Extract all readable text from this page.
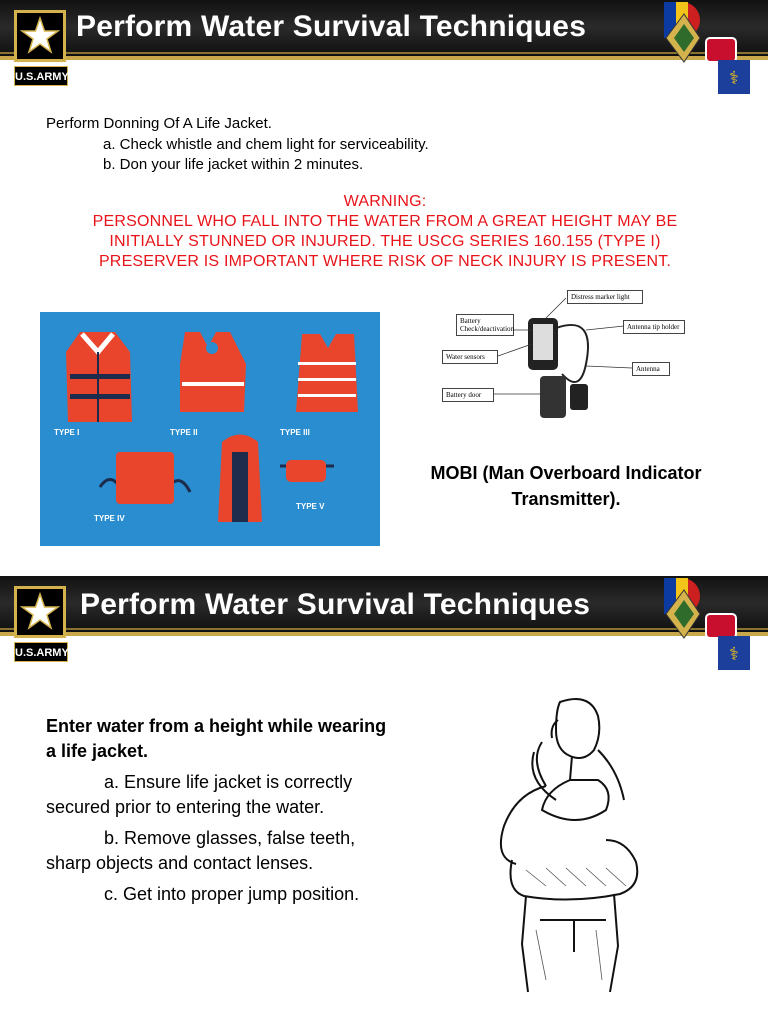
Perform Water Survival Techniques
U.S.ARMY	⚕
Perform Donning Of A Life Jacket.
a. Check whistle and chem light for serviceability.
b. Don your life jacket within 2 minutes.
WARNING:
PERSONNEL WHO FALL INTO THE WATER FROM A GREAT HEIGHT MAY BE
INITIALLY STUNNED OR INJURED. THE USCG SERIES 160.155 (TYPE I)
PRESERVER IS IMPORTANT WHERE RISK OF NECK INJURY IS PRESENT.
TYPE I	TYPE II	TYPE III
TYPE IV
TYPE V
Distress marker light
Battery Check/deactivation	Antenna tip holder
Water sensors
Antenna
Battery door
MOBI (Man Overboard Indicator
Transmitter).
Perform Water Survival Techniques
U.S.ARMY	⚕
Enter water from a height while wearing
a life jacket.
a. Ensure life jacket is correctly
secured prior to entering the water.
b. Remove glasses, false teeth,
sharp objects and contact lenses.
c. Get into proper jump position.
